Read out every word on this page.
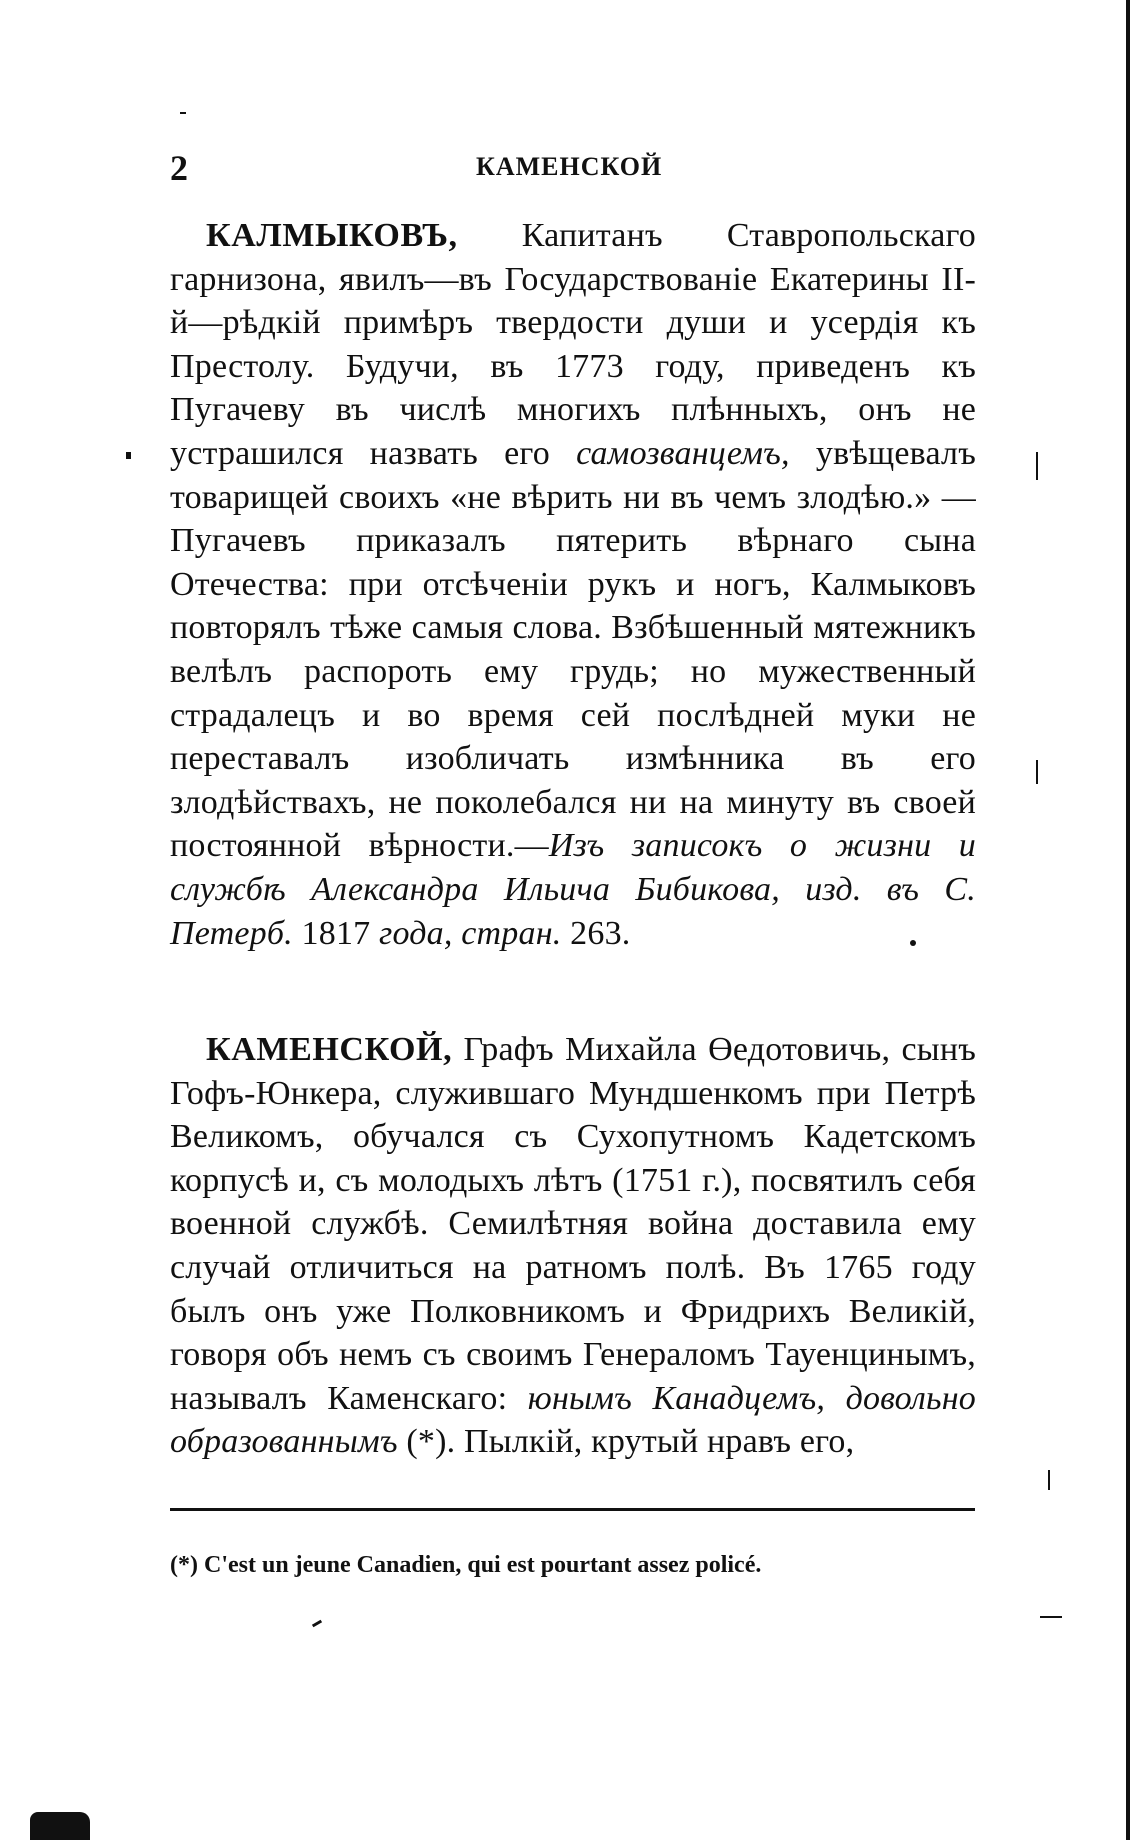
2	КАМЕНСКОЙ

КАЛМЫКОВЪ, Капитанъ Ставропольскаго гарнизона, явилъ—въ Государствованіе Екатерины II-й—рѣдкій примѣръ твердости души и усердія къ Престолу. Будучи, въ 1773 году, приведенъ къ Пугачеву въ числѣ многихъ плѣнныхъ, онъ не устрашился назвать его самозванцемъ, увѣщевалъ товарищей своихъ «не вѣрить ни въ чемъ злодѣю.» — Пугачевъ приказалъ пятерить вѣрнаго сына Отечества: при отсѣченіи рукъ и ногъ, Калмыковъ повторялъ тѣже самыя слова. Взбѣшенный мятежникъ велѣлъ распороть ему грудь; но мужественный страдалецъ и во время сей послѣдней муки не переставалъ изобличать измѣнника въ его злодѣйствахъ, не поколебался ни на минуту въ своей постоянной вѣрности.—Изъ записокъ о жизни и службѣ Александра Ильича Бибикова, изд. въ С. Петерб. 1817 года, стран. 263.

КАМЕНСКОЙ, Графъ Михайла Өедотовичь, сынъ Гофъ-Юнкера, служившаго Мундшенкомъ при Петрѣ Великомъ, обучался съ Сухопутномъ Кадетскомъ корпусѣ и, съ молодыхъ лѣтъ (1751 г.), посвятилъ себя военной службѣ. Семилѣтняя война доставила ему случай отличиться на ратномъ полѣ. Въ 1765 году былъ онъ уже Полковникомъ и Фридрихъ Великій, говоря объ немъ съ своимъ Генераломъ Тауенцинымъ, называлъ Каменскаго: юнымъ Канадцемъ, довольно образованнымъ (*). Пылкій, крутый нравъ его,

(*) C'est un jeune Canadien, qui est pourtant assez policé.
